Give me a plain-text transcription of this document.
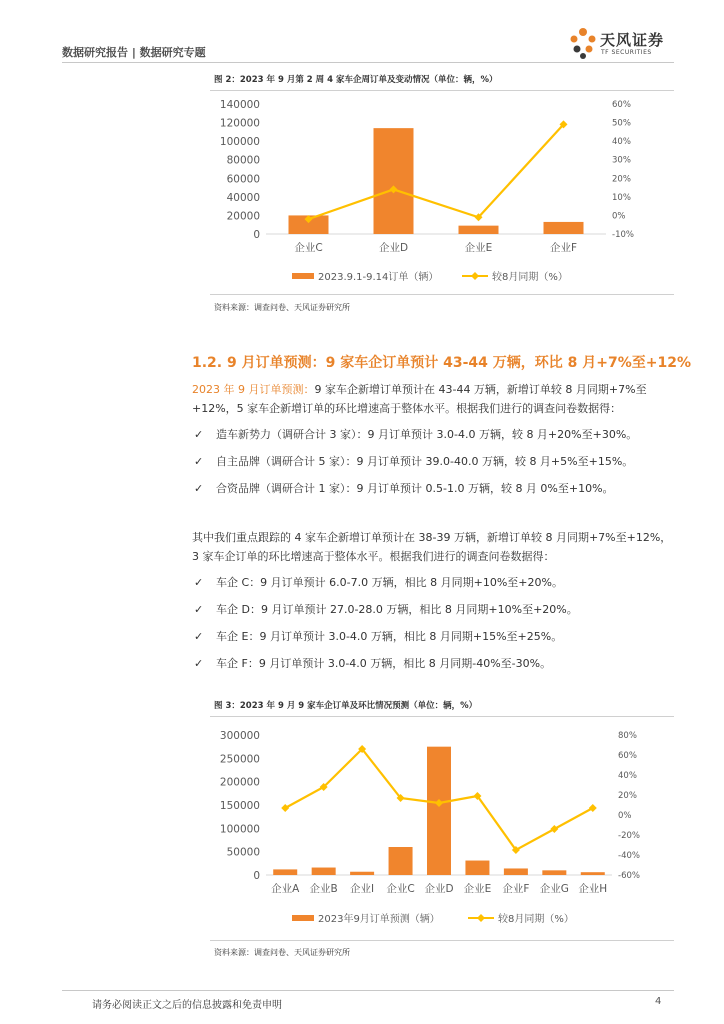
数据研究报告 | 数据研究专题
天风证券
TF SECURITIES
图 2：2023 年 9 月第 2 周 4 家车企周订单及变动情况（单位：辆，%）
140000
120000
100000
80000
60000
40000
20000
0
60%
50%
40%
30%
20%
10%
0%
-10%
企业C	企业D	企业E	企业F
2023.9.1-9.14订单（辆）	较8月同期（%）
资料来源：调查问卷、天风证券研究所
1.2. 9 月订单预测：9 家车企订单预计 43-44 万辆，环比 8 月+7%至+12%
2023 年 9 月订单预测：9 家车企新增订单预计在 43-44 万辆，新增订单较 8 月同期+7%至+12%，5 家车企新增订单的环比增速高于整体水平。根据我们进行的调查问卷数据得：
✓ 造车新势力（调研合计 3 家）：9 月订单预计 3.0-4.0 万辆，较 8 月+20%至+30%。
✓ 自主品牌（调研合计 5 家）：9 月订单预计 39.0-40.0 万辆，较 8 月+5%至+15%。
✓ 合资品牌（调研合计 1 家）：9 月订单预计 0.5-1.0 万辆，较 8 月 0%至+10%。
其中我们重点跟踪的 4 家车企新增订单预计在 38-39 万辆，新增订单较 8 月同期+7%至+12%，3 家车企订单的环比增速高于整体水平。根据我们进行的调查问卷数据得：
✓ 车企 C：9 月订单预计 6.0-7.0 万辆，相比 8 月同期+10%至+20%。
✓ 车企 D：9 月订单预计 27.0-28.0 万辆，相比 8 月同期+10%至+20%。
✓ 车企 E：9 月订单预计 3.0-4.0 万辆，相比 8 月同期+15%至+25%。
✓ 车企 F：9 月订单预计 3.0-4.0 万辆，相比 8 月同期-40%至-30%。
图 3：2023 年 9 月 9 家车企订单及环比情况预测（单位：辆，%）
300000
250000
200000
150000
100000
50000
0
80%
60%
40%
20%
0%
-20%
-40%
-60%
企业A 企业B 企业I 企业C 企业D 企业E 企业F 企业G 企业H
2023年9月订单预测（辆）	较8月同期（%）
资料来源：调查问卷、天风证券研究所
请务必阅读正文之后的信息披露和免责申明	4
